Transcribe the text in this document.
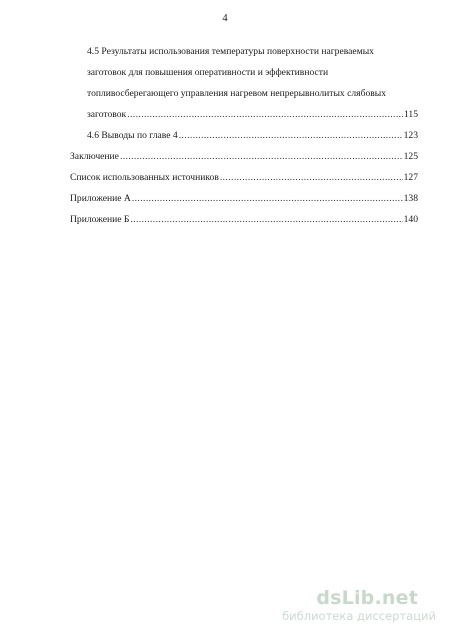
4
4.5 Результаты использования температуры поверхности нагреваемых
заготовок для повышения оперативности и эффективности
топливосберегающего управления нагревом непрерывнолитых слябовых
заготовок .....	115
4.6 Выводы по главе 4 .....	123
Заключение .....	125
Список использованных источников .....	127
Приложение А .....	138
Приложение Б .....	140
dsLib.net
библиотека диссертаций
